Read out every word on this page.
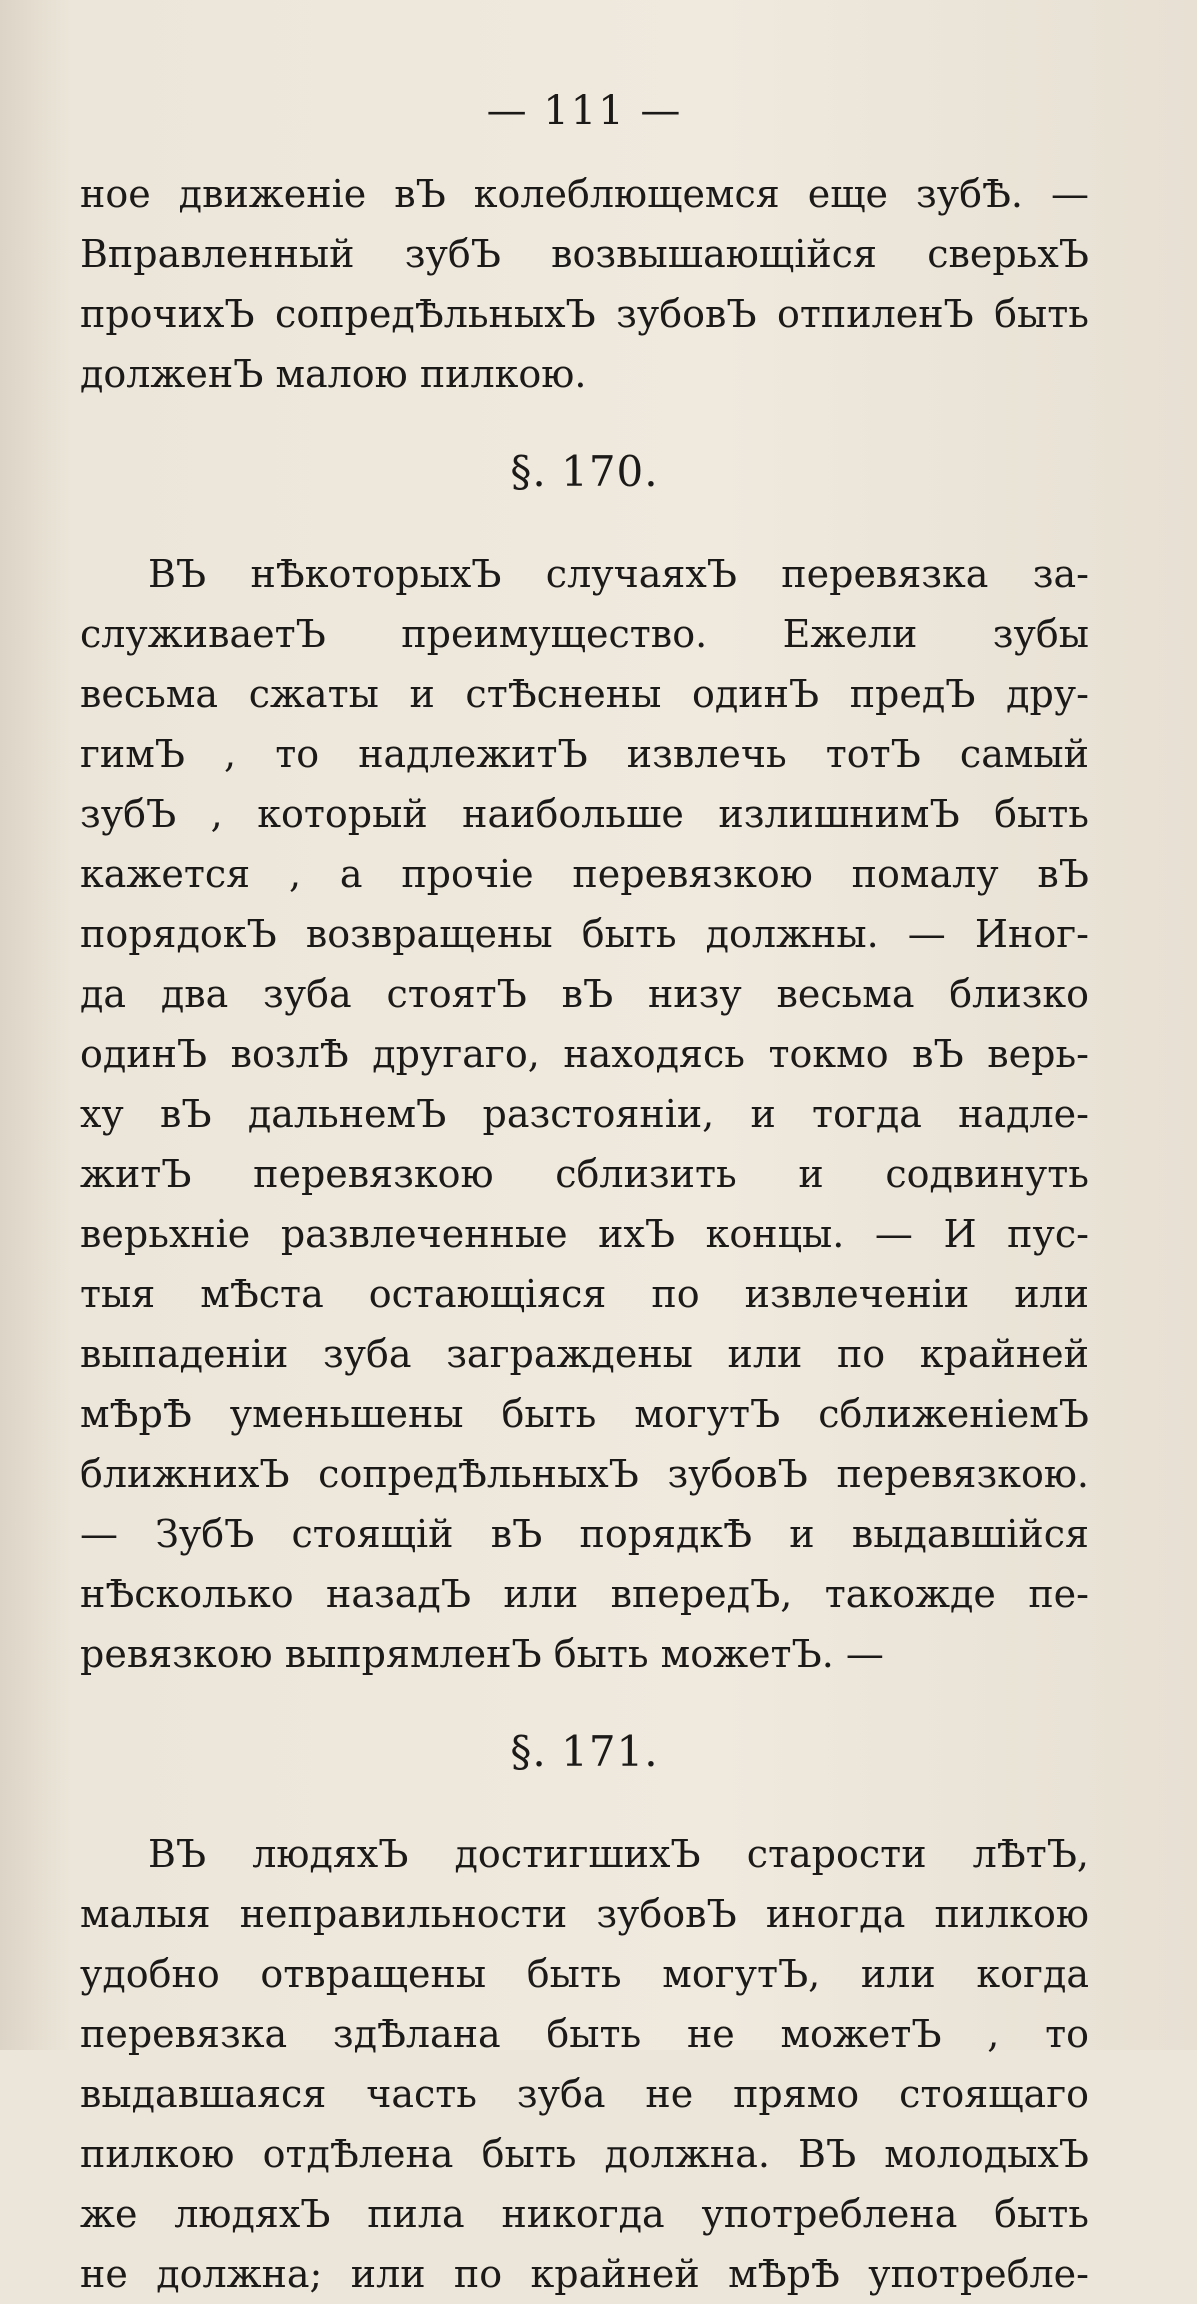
— 111 —
ное движенiе вЪ колеблющемся еще зубѢ. —
Вправленный зубЪ возвышающiйся сверьхЪ
прочихЪ сопредѢльныхЪ зубовЪ отпиленЪ быть
долженЪ малою пилкою.
§. 170.
ВЪ нѢкоторыхЪ случаяхЪ перевязка за-
служиваетЪ преимущество. Ежели зубы
весьма сжаты и стѢснены одинЪ предЪ дру-
гимЪ , то надлежитЪ извлечь тотЪ самый
зубЪ , который наибольше излишнимЪ быть
кажется , а прочiе перевязкою помалу вЪ
порядокЪ возвращены быть должны. — Иног-
да два зуба стоятЪ вЪ низу весьма близко
одинЪ возлѢ другаго, находясь токмо вЪ верь-
ху вЪ дальнемЪ разстоянiи, и тогда надле-
житЪ перевязкою сблизить и содвинуть
верьхнiе развлеченные ихЪ концы. — И пус-
тыя мѢста остающiяся по извлеченiи или
выпаденiи зуба заграждены или по крайней
мѢрѢ уменьшены быть могутЪ сближенiемЪ
ближнихЪ сопредѢльныхЪ зубовЪ перевязкою.
— ЗубЪ стоящiй вЪ порядкѢ и выдавшiйся
нѢсколько назадЪ или впередЪ, такожде пе-
ревязкою выпрямленЪ быть можетЪ. —
§. 171.
ВЪ людяхЪ достигшихЪ старости лѢтЪ,
малыя неправильности зубовЪ иногда пилкою
удобно отвращены быть могутЪ, или когда
перевязка здѢлана быть не можетЪ , то
выдавшаяся часть зуба не прямо стоящаго
пилкою отдѢлена быть должна. ВЪ молодыхЪ
же людяхЪ пила никогда употреблена быть
не должна; или по крайней мѢрѢ употребле-
